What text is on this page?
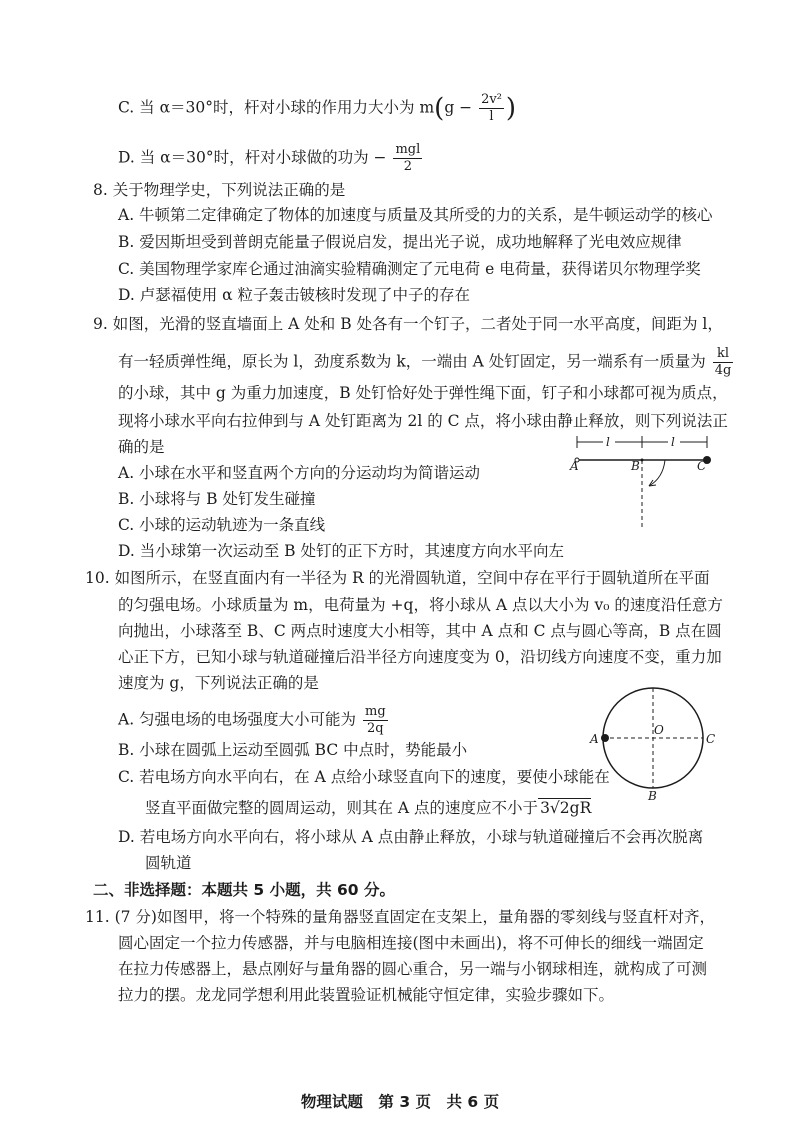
C. 当 α＝30°时，杆对小球的作用力大小为 $m(g - \frac{\text{2v²}}{l}$ )
D. 当 α＝30°时，杆对小球做的功为 − $\frac{\text{mgl}}{2}$
8. 关于物理学史，下列说法正确的是
A. 牛顿第二定律确定了物体的加速度与质量及其所受的力的关系，是牛顿运动学的核心
B. 爱因斯坦受到普朗克能量子假说启发，提出光子说，成功地解释了光电效应规律
C. 美国物理学家库仑通过油滴实验精确测定了元电荷 e 电荷量，获得诺贝尔物理学奖
D. 卢瑟福使用 α 粒子轰击铍核时发现了中子的存在
9. 如图，光滑的竖直墙面上 A 处和 B 处各有一个钉子，二者处于同一水平高度，间距为 l，
有一轻质弹性绳，原长为 l，劲度系数为 k，一端由 A 处钉固定，另一端系有一质量为 $\frac{kl}{4g}$
的小球，其中 g 为重力加速度，B 处钉恰好处于弹性绳下面，钉子和小球都可视为质点，
现将小球水平向右拉伸到与 A 处钉距离为 2l 的 C 点，将小球由静止释放，则下列说法正
确的是
A. 小球在水平和竖直两个方向的分运动均为简谐运动
B. 小球将与 B 处钉发生碰撞
C. 小球的运动轨迹为一条直线
D. 当小球第一次运动至 B 处钉的正下方时，其速度方向水平向左
l	l
A	B	C
10. 如图所示，在竖直面内有一半径为 R 的光滑圆轨道，空间中存在平行于圆轨道所在平面
的匀强电场。小球质量为 m，电荷量为 +q，将小球从 A 点以大小为 v₀ 的速度沿任意方
向抛出，小球落至 B、C 两点时速度大小相等，其中 A 点和 C 点与圆心等高，B 点在圆
心正下方，已知小球与轨道碰撞后沿半径方向速度变为 0，沿切线方向速度不变，重力加
速度为 g，下列说法正确的是
A. 匀强电场的电场强度大小可能为 $\frac{mg}{2q}$
B. 小球在圆弧上运动至圆弧 BC 中点时，势能最小
C. 若电场方向水平向右，在 A 点给小球竖直向下的速度，要使小球能在
竖直平面做完整的圆周运动，则其在 A 点的速度应不小于 3√2gR
D. 若电场方向水平向右，将小球从 A 点由静止释放，小球与轨道碰撞后不会再次脱离
圆轨道
A
O
C
B
二、非选择题：本题共 5 小题，共 60 分。
11. (7 分)如图甲，将一个特殊的量角器竖直固定在支架上，量角器的零刻线与竖直杆对齐，
圆心固定一个拉力传感器，并与电脑相连接(图中未画出)，将不可伸长的细线一端固定
在拉力传感器上，悬点刚好与量角器的圆心重合，另一端与小钢球相连，就构成了可测
拉力的摆。龙龙同学想利用此装置验证机械能守恒定律，实验步骤如下。
物理试题　第 3 页　共 6 页
